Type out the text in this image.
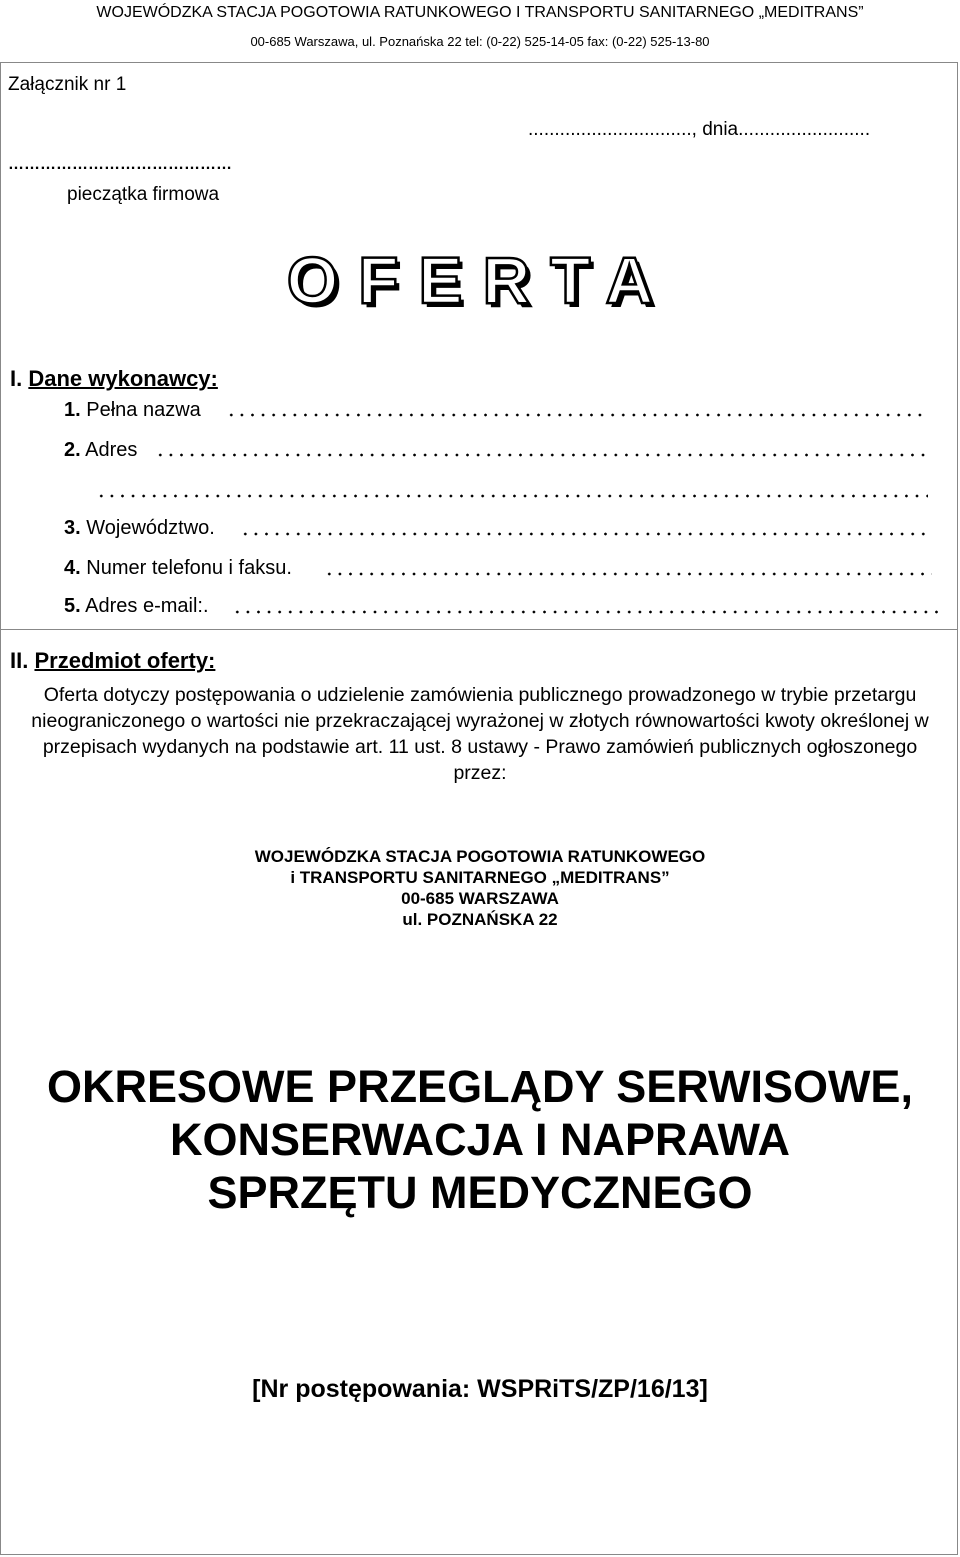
WOJEWÓDZKA STACJA POGOTOWIA RATUNKOWEGO I TRANSPORTU SANITARNEGO „MEDITRANS”
00-685 Warszawa, ul. Poznańska 22 tel: (0-22) 525-14-05 fax: (0-22) 525-13-80
Załącznik nr 1
..............................., dnia.........................
……………………………………
pieczątka firmowa
OFERTA
I. Dane wykonawcy:
1. Pełna nazwa
2. Adres
3. Województwo.
4. Numer telefonu i faksu.
5. Adres e-mail:.
II. Przedmiot oferty:
Oferta dotyczy postępowania o udzielenie zamówienia publicznego prowadzonego w trybie przetargu nieograniczonego o wartości nie przekraczającej wyrażonej w złotych równowartości kwoty określonej w przepisach wydanych na podstawie art. 11 ust. 8 ustawy - Prawo zamówień publicznych ogłoszonego przez:
WOJEWÓDZKA STACJA POGOTOWIA RATUNKOWEGO
i TRANSPORTU SANITARNEGO „MEDITRANS”
00-685 WARSZAWA
ul. POZNAŃSKA 22
OKRESOWE PRZEGLĄDY SERWISOWE,
KONSERWACJA I NAPRAWA
SPRZĘTU MEDYCZNEGO
[Nr postępowania: WSPRiTS/ZP/16/13]
